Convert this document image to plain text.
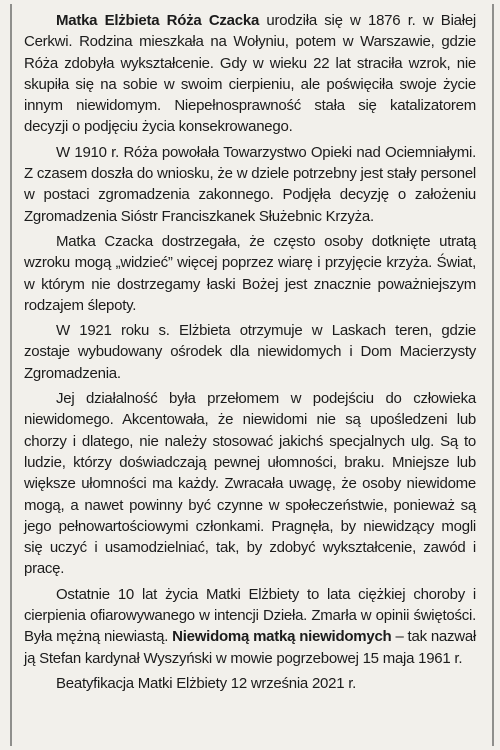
Matka Elżbieta Róża Czacka urodziła się w 1876 r. w Białej Cerkwi. Rodzina mieszkała na Wołyniu, potem w Warszawie, gdzie Róża zdobyła wykształcenie. Gdy w wieku 22 lat straciła wzrok, nie skupiła się na sobie w swoim cierpieniu, ale poświęciła swoje życie innym niewidomym. Niepełnosprawność stała się katalizatorem decyzji o podjęciu życia konsekrowanego.

W 1910 r. Róża powołała Towarzystwo Opieki nad Ociemniałymi. Z czasem doszła do wniosku, że w dziele potrzebny jest stały personel w postaci zgromadzenia zakonnego. Podjęła decyzję o założeniu Zgromadzenia Sióstr Franciszkanek Służebnic Krzyża.

Matka Czacka dostrzegała, że często osoby dotknięte utratą wzroku mogą „widzieć” więcej poprzez wiarę i przyjęcie krzyża. Świat, w którym nie dostrzegamy łaski Bożej jest znacznie poważniejszym rodzajem ślepoty.

W 1921 roku s. Elżbieta otrzymuje w Laskach teren, gdzie zostaje wybudowany ośrodek dla niewidomych i Dom Macierzysty Zgromadzenia.

Jej działalność była przełomem w podejściu do człowieka niewidomego. Akcentowała, że niewidomi nie są upośledzeni lub chorzy i dlatego, nie należy stosować jakichś specjalnych ulg. Są to ludzie, którzy doświadczają pewnej ułomności, braku. Mniejsze lub większe ułomności ma każdy. Zwracała uwagę, że osoby niewidome mogą, a nawet powinny być czynne w społeczeństwie, ponieważ są jego pełnowartościowymi członkami. Pragnęła, by niewidzący mogli się uczyć i usamodzielniać, tak, by zdobyć wykształcenie, zawód i pracę.

Ostatnie 10 lat życia Matki Elżbiety to lata ciężkiej choroby i cierpienia ofiarowywanego w intencji Dzieła. Zmarła w opinii świętości. Była mężną niewiastą. Niewidomą matką niewidomych – tak nazwał ją Stefan kardynał Wyszyński w mowie pogrzebowej 15 maja 1961 r.

Beatyfikacja Matki Elżbiety 12 września 2021 r.
